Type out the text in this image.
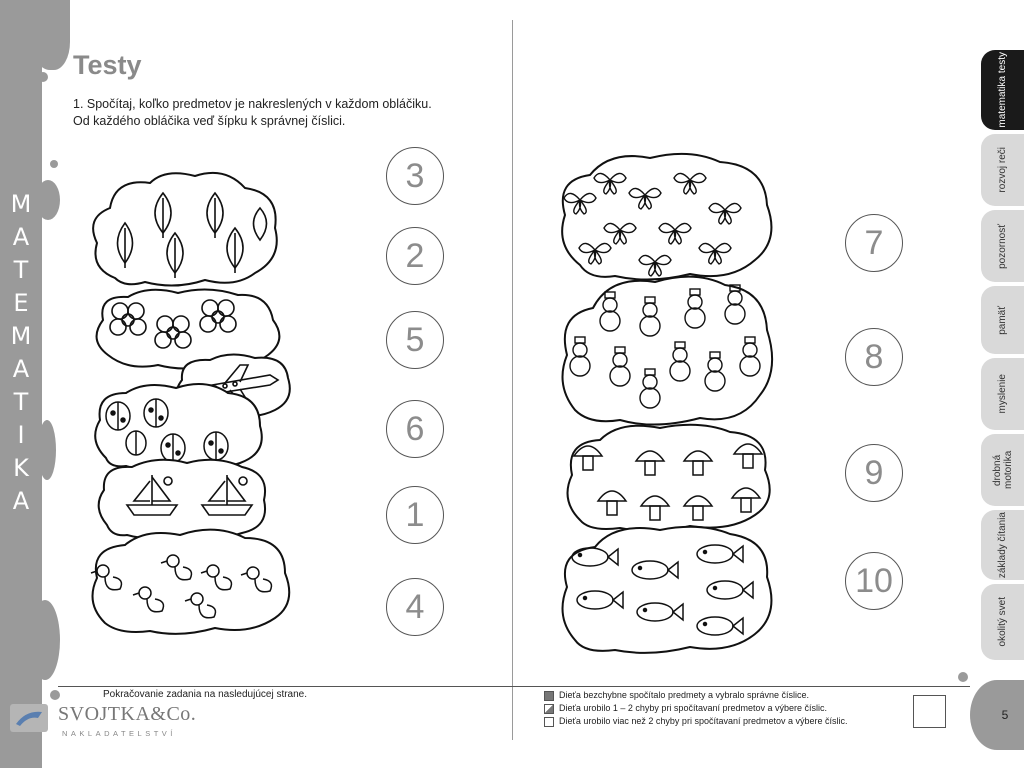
M
A
T
E
M
A
T
I
K
A
Testy
1. Spočítaj, koľko predmetov je nakreslených v každom obláčiku.
Od každého obláčika veď šípku k správnej číslici.
3
2
5
6
1
4
7
8
9
10
matematika testy
rozvoj reči
pozornosť
pamäť
myslenie
drobná motorika
základy čítania
okolitý svet
Pokračovanie zadania na nasledujúcej strane.
SVOJTKA&Co.
NAKLADATELSTVÍ
Dieťa bezchybne spočítalo predmety a vybralo správne číslice.
Dieťa urobilo 1 – 2 chyby pri spočítavaní predmetov a výbere číslic.
Dieťa urobilo viac než 2 chyby pri spočítavaní predmetov a výbere číslic.	5
